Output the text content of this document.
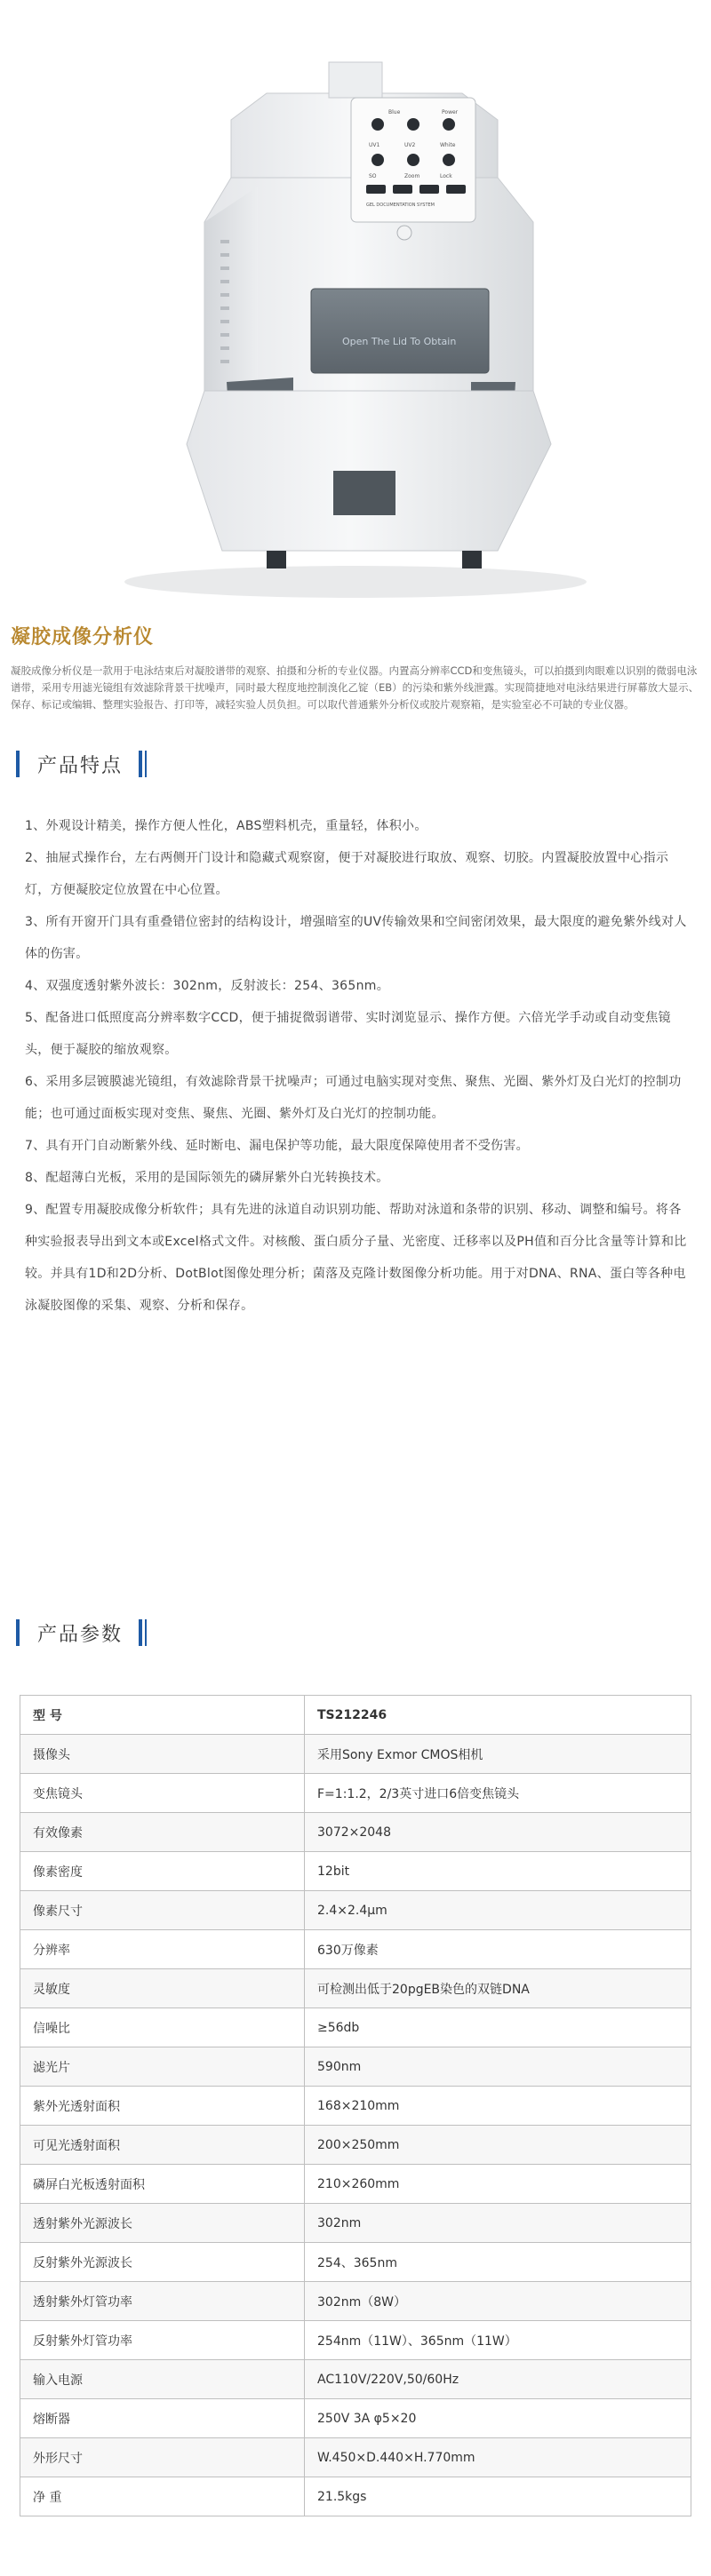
Blue	Power
UV1	UV2	White
SO	Zoom	Lock
GEL DOCUMENTATION SYSTEM
Open The Lid To Obtain
凝胶成像分析仪

凝胶成像分析仪是一款用于电泳结束后对凝胶谱带的观察、拍摄和分析的专业仪器。内置高分辨率CCD和变焦镜头，可以拍摄到肉眼难以识别的微弱电泳谱带，采用专用滤光镜组有效滤除背景干扰噪声，同时最大程度地控制溴化乙锭（EB）的污染和紫外线泄露。实现简捷地对电泳结果进行屏幕放大显示、保存、标记或编辑、整理实验报告、打印等，减轻实验人员负担。可以取代普通紫外分析仪或胶片观察箱，是实验室必不可缺的专业仪器。

产品特点

1、外观设计精美，操作方便人性化，ABS塑料机壳，重量轻，体积小。

2、抽屉式操作台，左右两侧开门设计和隐藏式观察窗，便于对凝胶进行取放、观察、切胶。内置凝胶放置中心指示灯，方便凝胶定位放置在中心位置。

3、所有开窗开门具有重叠错位密封的结构设计，增强暗室的UV传输效果和空间密闭效果，最大限度的避免紫外线对人体的伤害。

4、双强度透射紫外波长：302nm，反射波长：254、365nm。

5、配备进口低照度高分辨率数字CCD，便于捕捉微弱谱带、实时浏览显示、操作方便。六倍光学手动或自动变焦镜头，便于凝胶的缩放观察。

6、采用多层镀膜滤光镜组，有效滤除背景干扰噪声；可通过电脑实现对变焦、聚焦、光圈、紫外灯及白光灯的控制功能；也可通过面板实现对变焦、聚焦、光圈、紫外灯及白光灯的控制功能。

7、具有开门自动断紫外线、延时断电、漏电保护等功能，最大限度保障使用者不受伤害。

8、配超薄白光板，采用的是国际领先的磷屏紫外白光转换技术。

9、配置专用凝胶成像分析软件；具有先进的泳道自动识别功能、帮助对泳道和条带的识别、移动、调整和编号。将各种实验报表导出到文本或Excel格式文件。对核酸、蛋白质分子量、光密度、迁移率以及PH值和百分比含量等计算和比较。并具有1D和2D分析、DotBlot图像处理分析；菌落及克隆计数图像分析功能。用于对DNA、RNA、蛋白等各种电泳凝胶图像的采集、观察、分析和保存。

产品参数
型 号	TS212246
摄像头	采用Sony Exmor CMOS相机
变焦镜头	F=1:1.2，2/3英寸进口6倍变焦镜头
有效像素	3072×2048
像素密度	12bit
像素尺寸	2.4×2.4μm
分辨率	630万像素
灵敏度	可检测出低于20pgEB染色的双链DNA
信噪比	≥56db
滤光片	590nm
紫外光透射面积	168×210mm
可见光透射面积	200×250mm
磷屏白光板透射面积	210×260mm
透射紫外光源波长	302nm
反射紫外光源波长	254、365nm
透射紫外灯管功率	302nm（8W）
反射紫外灯管功率	254nm（11W）、365nm（11W）
输入电源	AC110V/220V,50/60Hz
熔断器	250V 3A φ5×20
外形尺寸	W.450×D.440×H.770mm
净 重	21.5kgs
